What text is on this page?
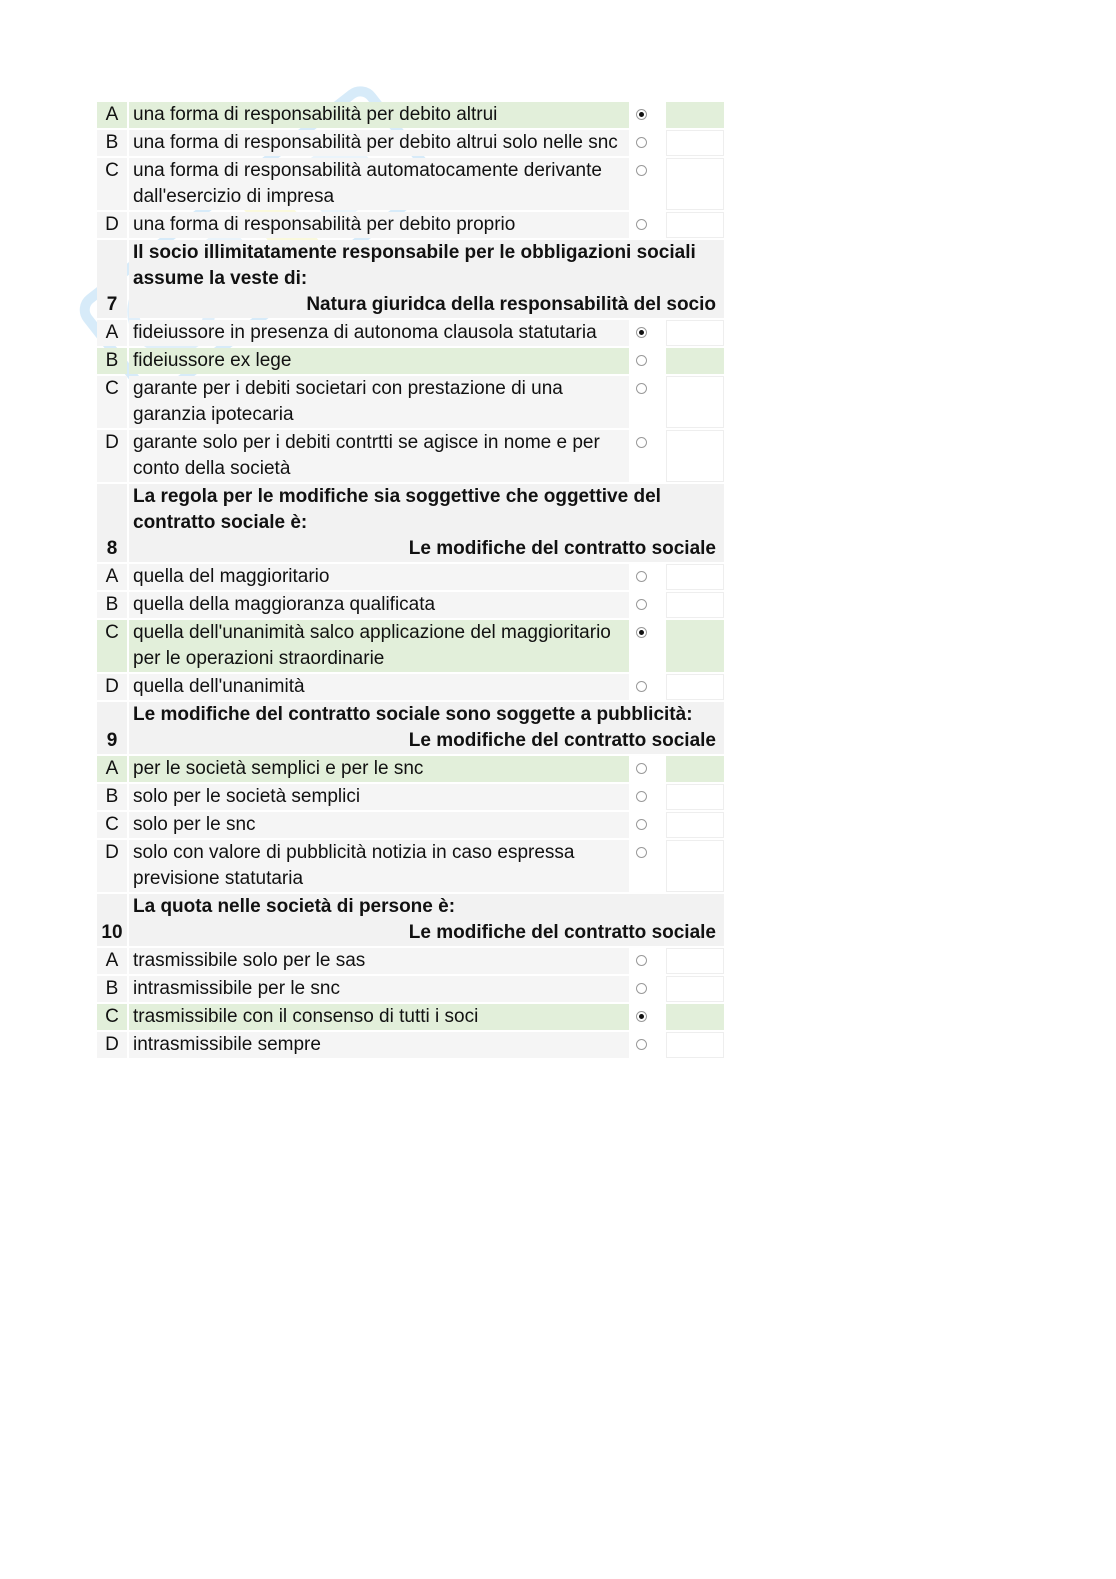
A	una forma di responsabilità per debito altrui		
B	una forma di responsabilità per debito altrui solo nelle snc		
C	una forma di responsabilità automatocamente derivante dall'esercizio di impresa		
D	una forma di responsabilità per debito proprio		
7	Il socio illimitatamente responsabile per le obbligazioni sociali assume la veste di:
Natura giuridca della responsabilità del socio		

A	fideiussore in presenza di autonoma clausola statutaria		
B	fideiussore ex lege		
C	garante per i debiti societari con prestazione di una garanzia ipotecaria		
D	garante solo per i debiti contrtti se agisce in nome e per conto della società		
8	La regola per le modifiche sia soggettive che oggettive del contratto sociale è:
Le modifiche del contratto sociale		

A	quella del maggioritario		
B	quella della maggioranza qualificata		
C	quella dell'unanimità salco applicazione del maggioritario per le operazioni straordinarie		
D	quella dell'unanimità		
9	Le modifiche del contratto sociale sono soggette a pubblicità:
Le modifiche del contratto sociale		

A	per le società semplici e per le snc		
B	solo per le società semplici		
C	solo per le snc		
D	solo con valore di pubblicità notizia in caso espressa previsione statutaria		
10	La quota nelle società di persone è:
Le modifiche del contratto sociale		

A	trasmissibile solo per le sas		
B	intrasmissibile per le snc		
C	trasmissibile con il consenso di tutti i soci		
D	intrasmissibile sempre		
